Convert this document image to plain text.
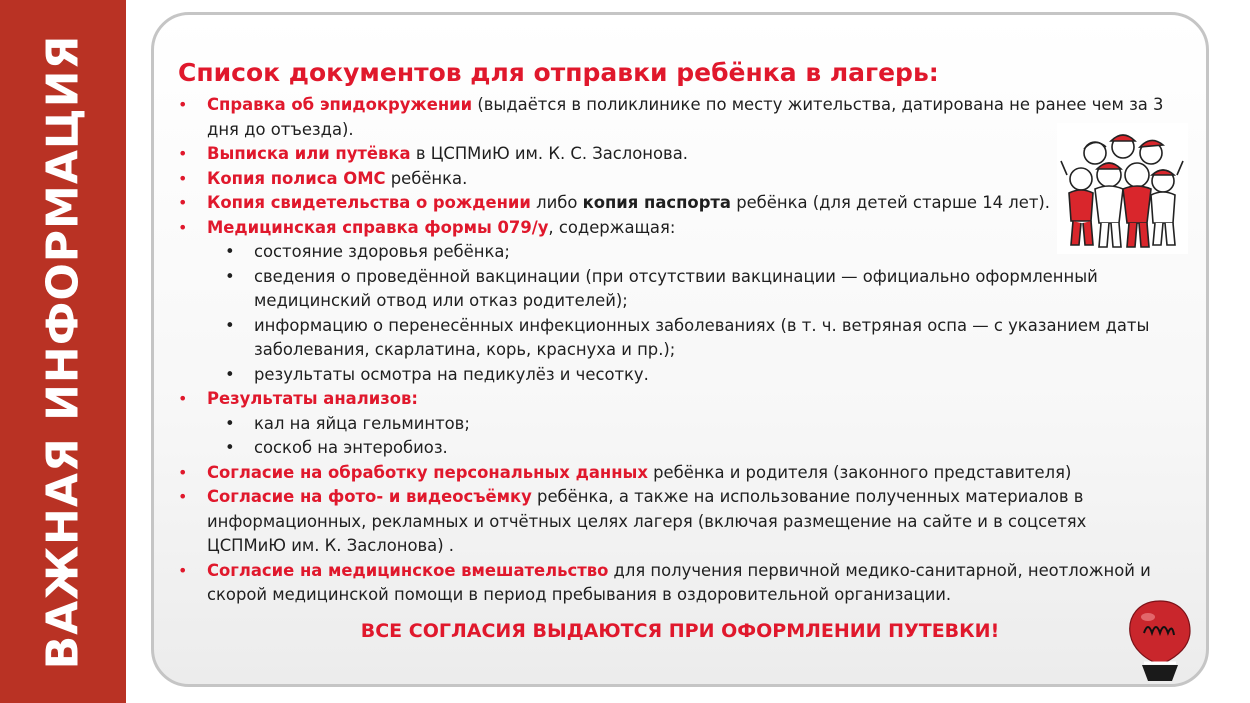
ВАЖНАЯ ИНФОРМАЦИЯ	Список документов для отправки ребёнка в лагерь:
• Справка об эпидокружении (выдаётся в поликлинике по месту жительства, датирована не ранее чем за 3 дня до отъезда).
• Выписка или путёвка в ЦСПМиЮ им. К. С. Заслонова.
• Копия полиса ОМС ребёнка.
• Копия свидетельства о рождении либо копия паспорта ребёнка (для детей старше 14 лет).
• Медицинская справка формы 079/у, содержащая:
• состояние здоровья ребёнка;
• сведения о проведённой вакцинации (при отсутствии вакцинации — официально оформленный медицинский отвод или отказ родителей);
• информацию о перенесённых инфекционных заболеваниях (в т. ч. ветряная оспа — с указанием даты заболевания, скарлатина, корь, краснуха и пр.);
• результаты осмотра на педикулёз и чесотку.
• Результаты анализов:
• кал на яйца гельминтов;
• соскоб на энтеробиоз.
• Согласие на обработку персональных данных ребёнка и родителя (законного представителя)
• Согласие на фото- и видеосъёмку ребёнка, а также на использование полученных материалов в информационных, рекламных и отчётных целях лагеря (включая размещение на сайте и в соцсетях ЦСПМиЮ им. К. Заслонова) .
• Согласие на медицинское вмешательство для получения первичной медико-санитарной, неотложной и скорой медицинской помощи в период пребывания в оздоровительной организации.
ВСЕ СОГЛАСИЯ ВЫДАЮТСЯ ПРИ ОФОРМЛЕНИИ ПУТЕВКИ!
